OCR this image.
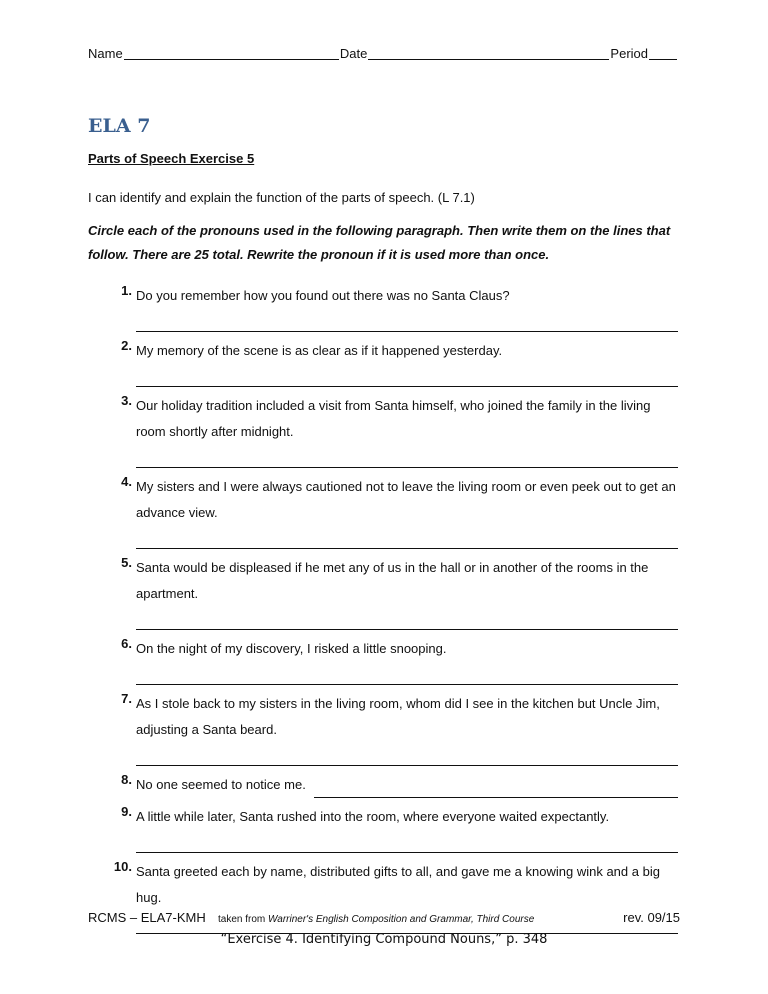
Name	Date	Period
ELA 7

Parts of Speech Exercise 5

I can identify and explain the function of the parts of speech. (L 7.1)

Circle each of the pronouns used in the following paragraph. Then write them on the lines that follow. There are 25 total. Rewrite the pronoun if it is used more than once.

1. Do you remember how you found out there was no Santa Claus?
2. My memory of the scene is as clear as if it happened yesterday.
3. Our holiday tradition included a visit from Santa himself, who joined the family in the living room shortly after midnight.
4. My sisters and I were always cautioned not to leave the living room or even peek out to get an advance view.
5. Santa would be displeased if he met any of us in the hall or in another of the rooms in the apartment.
6. On the night of my discovery, I risked a little snooping.
7. As I stole back to my sisters in the living room, whom did I see in the kitchen but Uncle Jim, adjusting a Santa beard.
8. No one seemed to notice me.
9. A little while later, Santa rushed into the room, where everyone waited expectantly.
10. Santa greeted each by name, distributed gifts to all, and gave me a knowing wink and a big hug.
RCMS – ELA7-KMH taken from Warriner's English Composition and Grammar, Third Course	rev. 09/15
“Exercise 4. Identifying Compound Nouns,” p. 348
